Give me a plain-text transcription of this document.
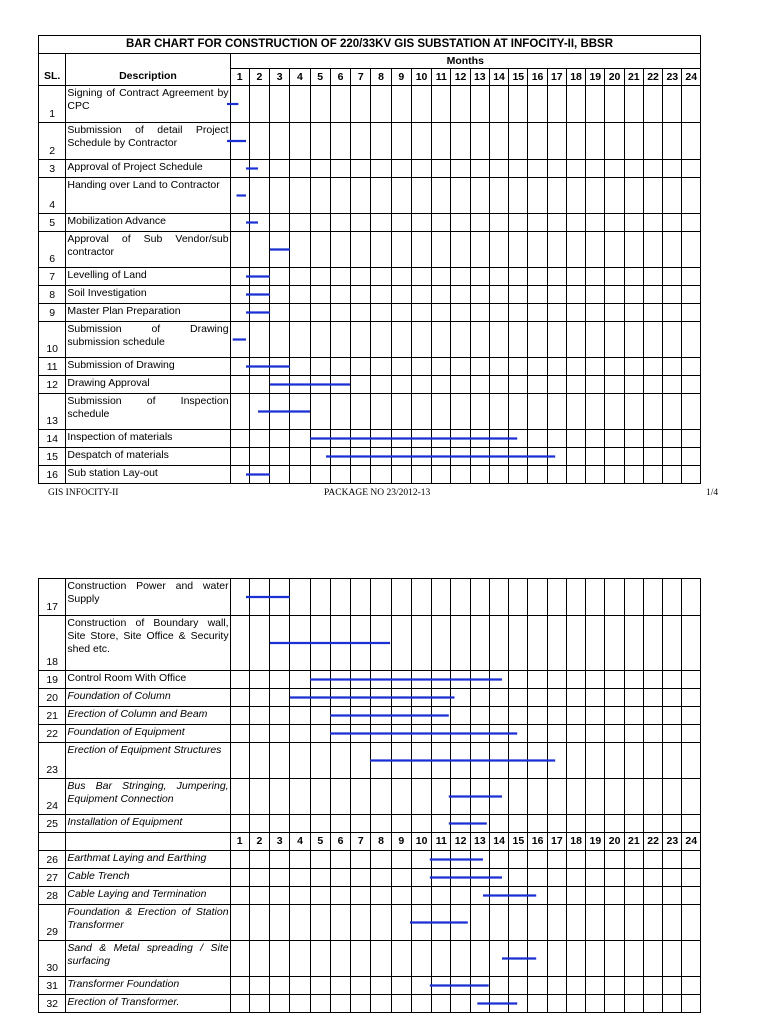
BAR CHART FOR CONSTRUCTION OF 220/33KV GIS SUBSTATION AT INFOCITY-II, BBSR																									
SL.	Description	Months																							
		1	2	3	4	5	6	7	8	9	10	11	12	13	14	15	16	17	18	19	20	21	22	23	24
1	Signing of Contract Agreement by CPC																								
2	Submission of detail Project Schedule by Contractor																								
3	Approval of Project Schedule																								
4	Handing over Land to Contractor																								
5	Mobilization Advance																								
6	Approval of Sub Vendor/sub contractor																								
7	Levelling of Land																								
8	Soil Investigation																								
9	Master Plan Preparation																								
10	Submission of Drawing submission schedule																								
11	Submission of Drawing																								
12	Drawing Approval																								
13	Submission of Inspection schedule																								
14	Inspection of materials																								
15	Despatch of materials																								
16	Sub station Lay-out																								
GIS INFOCITY-II	PACKAGE NO 23/2012-13	1/4
17	Construction Power and water Supply																								
18	Construction of Boundary wall, Site Store, Site Office & Security shed etc.																								
19	Control Room With Office																								
20	Foundation of Column																								
21	Erection of Column and Beam																								
22	Foundation of Equipment																								
23	Erection of Equipment Structures																								
24	Bus Bar Stringing, Jumpering, Equipment Connection																								
25	Installation of Equipment																								
		1	2	3	4	5	6	7	8	9	10	11	12	13	14	15	16	17	18	19	20	21	22	23	24
26	Earthmat Laying and Earthing																								
27	Cable Trench																								
28	Cable Laying and Termination																								
29	Foundation & Erection of Station Transformer																								
30	Sand & Metal spreading / Site surfacing																								
31	Transformer Foundation																								
32	Erection of Transformer.																								
